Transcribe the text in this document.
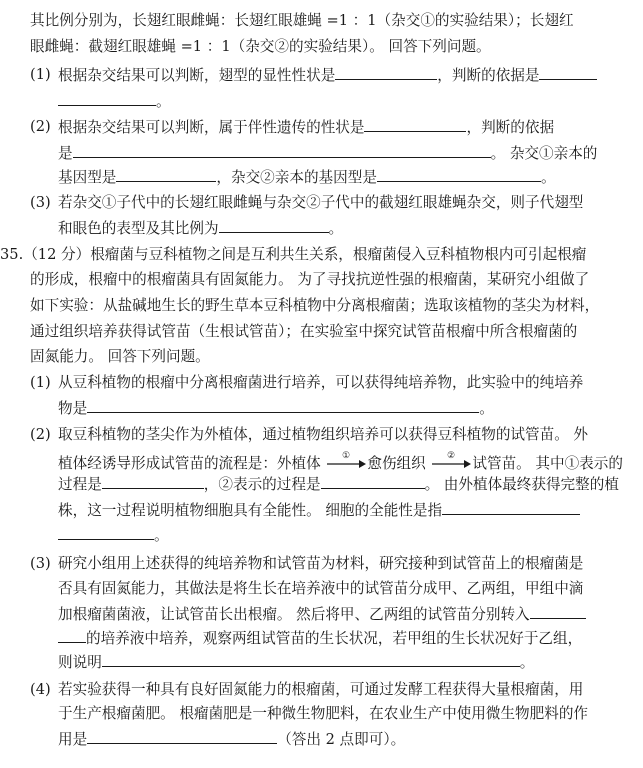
其比例分别为，长翅红眼雌蝇：长翅红眼雄蝇 =1 ：1（杂交①的实验结果）；长翅红
眼雌蝇：截翅红眼雄蝇 =1 ：1（杂交②的实验结果）。 回答下列问题。
(1) 根据杂交结果可以判断，翅型的显性性状是	，判断的依据是
。
(2) 根据杂交结果可以判断，属于伴性遗传的性状是	，判断的依据
是	。 杂交①亲本的
基因型是	，杂交②亲本的基因型是	。
(3) 若杂交①子代中的长翅红眼雌蝇与杂交②子代中的截翅红眼雄蝇杂交，则子代翅型
和眼色的表型及其比例为	。
35.（12 分）根瘤菌与豆科植物之间是互利共生关系，根瘤菌侵入豆科植物根内可引起根瘤
的形成，根瘤中的根瘤菌具有固氮能力。 为了寻找抗逆性强的根瘤菌，某研究小组做了
如下实验：从盐碱地生长的野生草本豆科植物中分离根瘤菌；选取该植物的茎尖为材料，
通过组织培养获得试管苗（生根试管苗）；在实验室中探究试管苗根瘤中所含根瘤菌的
固氮能力。 回答下列问题。
(1) 从豆科植物的根瘤中分离根瘤菌进行培养，可以获得纯培养物，此实验中的纯培养
物是	。
(2) 取豆科植物的茎尖作为外植体，通过植物组织培养可以获得豆科植物的试管苗。 外
植体经诱导形成试管苗的流程是：外植体 ① 愈伤组织 ② 试管苗。 其中①表示的
过程是	，②表示的过程是	。 由外植体最终获得完整的植
株，这一过程说明植物细胞具有全能性。 细胞的全能性是指
。
(3) 研究小组用上述获得的纯培养物和试管苗为材料，研究接种到试管苗上的根瘤菌是
否具有固氮能力，其做法是将生长在培养液中的试管苗分成甲、乙两组，甲组中滴
加根瘤菌菌液，让试管苗长出根瘤。 然后将甲、乙两组的试管苗分别转入
的培养液中培养，观察两组试管苗的生长状况，若甲组的生长状况好于乙组，
则说明	。
(4) 若实验获得一种具有良好固氮能力的根瘤菌，可通过发酵工程获得大量根瘤菌，用
于生产根瘤菌肥。 根瘤菌肥是一种微生物肥料，在农业生产中使用微生物肥料的作
用是	（答出 2 点即可）。
